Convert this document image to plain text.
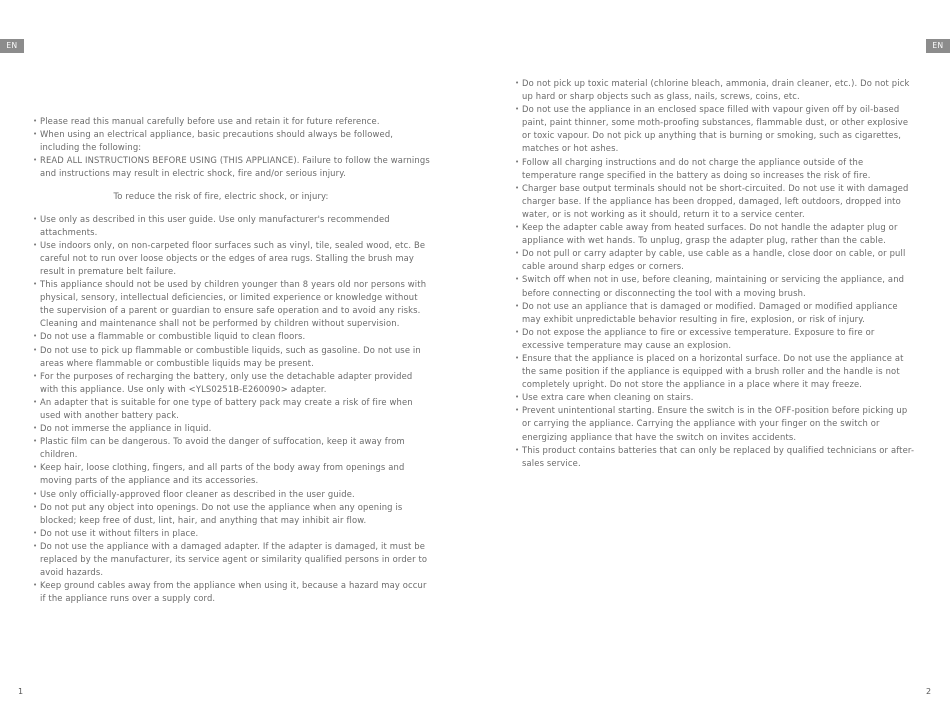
EN	EN
• Please read this manual carefully before use and retain it for future reference.
• When using an electrical appliance, basic precautions should always be followed, including the following:
• READ ALL INSTRUCTIONS BEFORE USING (THIS APPLIANCE). Failure to follow the warnings and instructions may result in electric shock, fire and/or serious injury.
To reduce the risk of fire, electric shock, or injury:
• Use only as described in this user guide. Use only manufacturer's recommended attachments.
• Use indoors only, on non-carpeted floor surfaces such as vinyl, tile, sealed wood, etc. Be careful not to run over loose objects or the edges of area rugs. Stalling the brush may result in premature belt failure.
• This appliance should not be used by children younger than 8 years old nor persons with physical, sensory, intellectual deficiencies, or limited experience or knowledge without the supervision of a parent or guardian to ensure safe operation and to avoid any risks. Cleaning and maintenance shall not be performed by children without supervision.
• Do not use a flammable or combustible liquid to clean floors.
• Do not use to pick up flammable or combustible liquids, such as gasoline. Do not use in areas where flammable or combustible liquids may be present.
• For the purposes of recharging the battery, only use the detachable adapter provided with this appliance. Use only with <YLS0251B-E260090> adapter.
• An adapter that is suitable for one type of battery pack may create a risk of fire when used with another battery pack.
• Do not immerse the appliance in liquid.
• Plastic film can be dangerous. To avoid the danger of suffocation, keep it away from children.
• Keep hair, loose clothing, fingers, and all parts of the body away from openings and moving parts of the appliance and its accessories.
• Use only officially-approved floor cleaner as described in the user guide.
• Do not put any object into openings. Do not use the appliance when any opening is blocked; keep free of dust, lint, hair, and anything that may inhibit air flow.
• Do not use it without filters in place.
• Do not use the appliance with a damaged adapter. If the adapter is damaged, it must be replaced by the manufacturer, its service agent or similarity qualified persons in order to avoid hazards.
• Keep ground cables away from the appliance when using it, because a hazard may occur if the appliance runs over a supply cord.
• Do not pick up toxic material (chlorine bleach, ammonia, drain cleaner, etc.). Do not pick up hard or sharp objects such as glass, nails, screws, coins, etc.
• Do not use the appliance in an enclosed space filled with vapour given off by oil-based paint, paint thinner, some moth-proofing substances, flammable dust, or other explosive or toxic vapour. Do not pick up anything that is burning or smoking, such as cigarettes, matches or hot ashes.
• Follow all charging instructions and do not charge the appliance outside of the temperature range specified in the battery as doing so increases the risk of fire.
• Charger base output terminals should not be short-circuited. Do not use it with damaged charger base. If the appliance has been dropped, damaged, left outdoors, dropped into water, or is not working as it should, return it to a service center.
• Keep the adapter cable away from heated surfaces. Do not handle the adapter plug or appliance with wet hands. To unplug, grasp the adapter plug, rather than the cable.
• Do not pull or carry adapter by cable, use cable as a handle, close door on cable, or pull cable around sharp edges or corners.
• Switch off when not in use, before cleaning, maintaining or servicing the appliance, and before connecting or disconnecting the tool with a moving brush.
• Do not use an appliance that is damaged or modified. Damaged or modified appliance may exhibit unpredictable behavior resulting in fire, explosion, or risk of injury.
• Do not expose the appliance to fire or excessive temperature. Exposure to fire or excessive temperature may cause an explosion.
• Ensure that the appliance is placed on a horizontal surface. Do not use the appliance at the same position if the appliance is equipped with a brush roller and the handle is not completely upright. Do not store the appliance in a place where it may freeze.
• Use extra care when cleaning on stairs.
• Prevent unintentional starting. Ensure the switch is in the OFF-position before picking up or carrying the appliance. Carrying the appliance with your finger on the switch or energizing appliance that have the switch on invites accidents.
• This product contains batteries that can only be replaced by qualified technicians or after-sales service.
1	2
